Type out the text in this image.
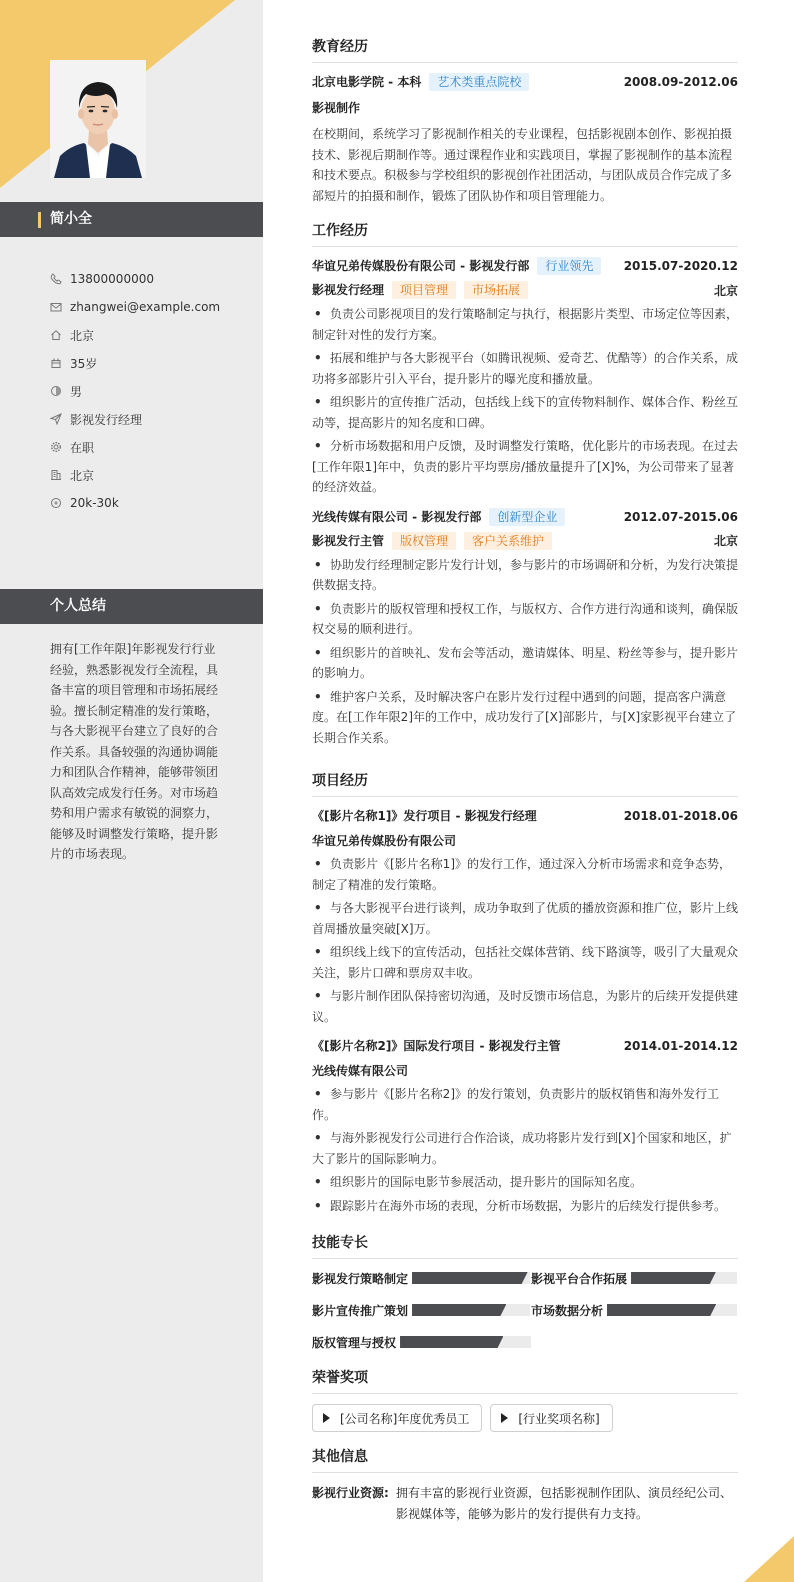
简小全
13800000000
zhangwei@example.com
北京
35岁
男
影视发行经理
在职
北京
20k-30k
个人总结
拥有[工作年限]年影视发行行业经验，熟悉影视发行全流程，具备丰富的项目管理和市场拓展经验。擅长制定精准的发行策略，与各大影视平台建立了良好的合作关系。具备较强的沟通协调能力和团队合作精神，能够带领团队高效完成发行任务。对市场趋势和用户需求有敏锐的洞察力，能够及时调整发行策略，提升影片的市场表现。
教育经历
北京电影学院 - 本科 艺术类重点院校	2008.09-2012.06
影视制作
在校期间，系统学习了影视制作相关的专业课程，包括影视剧本创作、影视拍摄技术、影视后期制作等。通过课程作业和实践项目，掌握了影视制作的基本流程和技术要点。积极参与学校组织的影视创作社团活动，与团队成员合作完成了多部短片的拍摄和制作，锻炼了团队协作和项目管理能力。
工作经历
华谊兄弟传媒股份有限公司 - 影视发行部 行业领先	2015.07-2020.12
影视发行经理 项目管理 市场拓展	北京
• 负责公司影视项目的发行策略制定与执行，根据影片类型、市场定位等因素，制定针对性的发行方案。
• 拓展和维护与各大影视平台（如腾讯视频、爱奇艺、优酷等）的合作关系，成功将多部影片引入平台，提升影片的曝光度和播放量。
• 组织影片的宣传推广活动，包括线上线下的宣传物料制作、媒体合作、粉丝互动等，提高影片的知名度和口碑。
• 分析市场数据和用户反馈，及时调整发行策略，优化影片的市场表现。在过去[工作年限1]年中，负责的影片平均票房/播放量提升了[X]%，为公司带来了显著的经济效益。
光线传媒有限公司 - 影视发行部 创新型企业	2012.07-2015.06
影视发行主管 版权管理 客户关系维护	北京
• 协助发行经理制定影片发行计划，参与影片的市场调研和分析，为发行决策提供数据支持。
• 负责影片的版权管理和授权工作，与版权方、合作方进行沟通和谈判，确保版权交易的顺利进行。
• 组织影片的首映礼、发布会等活动，邀请媒体、明星、粉丝等参与，提升影片的影响力。
• 维护客户关系，及时解决客户在影片发行过程中遇到的问题，提高客户满意度。在[工作年限2]年的工作中，成功发行了[X]部影片，与[X]家影视平台建立了长期合作关系。
项目经历
《[影片名称1]》发行项目 - 影视发行经理	2018.01-2018.06
华谊兄弟传媒股份有限公司
• 负责影片《[影片名称1]》的发行工作，通过深入分析市场需求和竞争态势，制定了精准的发行策略。
• 与各大影视平台进行谈判，成功争取到了优质的播放资源和推广位，影片上线首周播放量突破[X]万。
• 组织线上线下的宣传活动，包括社交媒体营销、线下路演等，吸引了大量观众关注，影片口碑和票房双丰收。
• 与影片制作团队保持密切沟通，及时反馈市场信息，为影片的后续开发提供建议。
《[影片名称2]》国际发行项目 - 影视发行主管	2014.01-2014.12
光线传媒有限公司
• 参与影片《[影片名称2]》的发行策划，负责影片的版权销售和海外发行工作。
• 与海外影视发行公司进行合作洽谈，成功将影片发行到[X]个国家和地区，扩大了影片的国际影响力。
• 组织影片的国际电影节参展活动，提升影片的国际知名度。
• 跟踪影片在海外市场的表现，分析市场数据，为影片的后续发行提供参考。
技能专长
影视发行策略制定	影视平台合作拓展
影片宣传推广策划	市场数据分析
版权管理与授权
荣誉奖项
[公司名称]年度优秀员工	[行业奖项名称]
其他信息
影视行业资源: 拥有丰富的影视行业资源，包括影视制作团队、演员经纪公司、影视媒体等，能够为影片的发行提供有力支持。
